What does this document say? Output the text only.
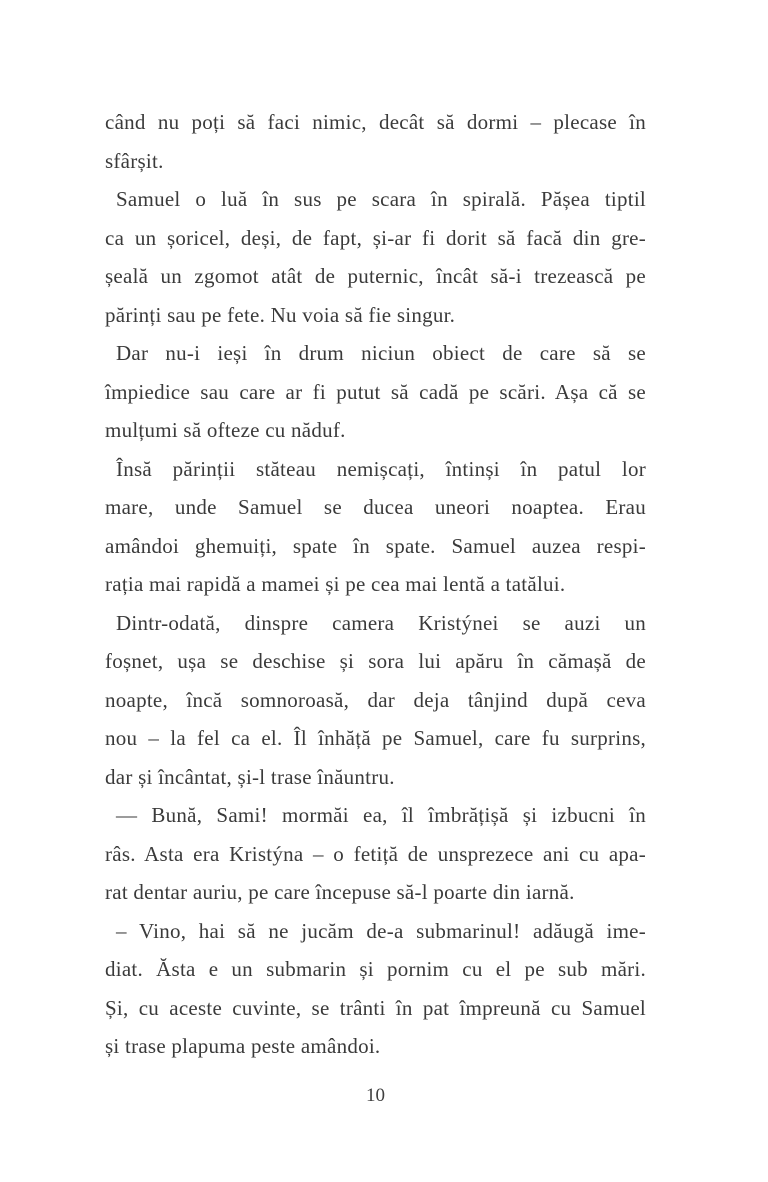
când nu poți să faci nimic, decât să dormi – plecase în
sfârșit.
Samuel o luă în sus pe scara în spirală. Pășea tiptil
ca un șoricel, deși, de fapt, și-ar fi dorit să facă din gre-
șeală un zgomot atât de puternic, încât să-i trezească pe
părinți sau pe fete. Nu voia să fie singur.
Dar nu-i ieși în drum niciun obiect de care să se
împiedice sau care ar fi putut să cadă pe scări. Așa că se
mulțumi să ofteze cu năduf.
Însă părinții stăteau nemișcați, întinși în patul lor
mare, unde Samuel se ducea uneori noaptea. Erau
amândoi ghemuiți, spate în spate. Samuel auzea respi-
rația mai rapidă a mamei și pe cea mai lentă a tatălui.
Dintr-odată, dinspre camera Kristýnei se auzi un
foșnet, ușa se deschise și sora lui apăru în cămașă de
noapte, încă somnoroasă, dar deja tânjind după ceva
nou – la fel ca el. Îl înhăță pe Samuel, care fu surprins,
dar și încântat, și-l trase înăuntru.
— Bună, Sami! mormăi ea, îl îmbrățișă și izbucni în
râs. Asta era Kristýna – o fetiță de unsprezece ani cu apa-
rat dentar auriu, pe care începuse să-l poarte din iarnă.
– Vino, hai să ne jucăm de-a submarinul! adăugă ime-
diat. Ăsta e un submarin și pornim cu el pe sub mări.
Și, cu aceste cuvinte, se trânti în pat împreună cu Samuel
și trase plapuma peste amândoi.
10
